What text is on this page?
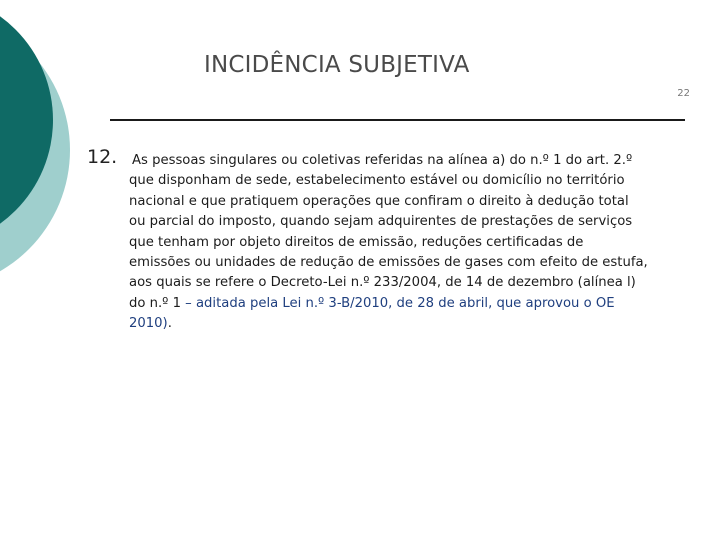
INCIDÊNCIA SUBJETIVA
22
12. As pessoas singulares ou coletivas referidas na alínea a) do n.º 1 do art. 2.º
que disponham de sede, estabelecimento estável ou domicílio no território
nacional e que pratiquem operações que confiram o direito à dedução total
ou parcial do imposto, quando sejam adquirentes de prestações de serviços
que tenham por objeto direitos de emissão, reduções certificadas de
emissões ou unidades de redução de emissões de gases com efeito de estufa,
aos quais se refere o Decreto-Lei n.º 233/2004, de 14 de dezembro (alínea l)
do n.º 1 – aditada pela Lei n.º 3-B/2010, de 28 de abril, que aprovou o OE
2010).
